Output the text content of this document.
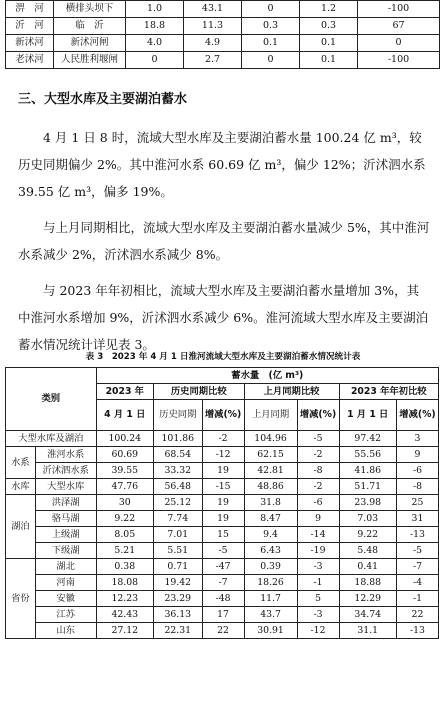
淠　河	横排头坝下	1.0	43.1	0	1.2	-100
沂　河	临　沂	18.8	11.3	0.3	0.3	67
新沭河	新沭河闸	4.0	4.9	0.1	0.1	0
老沭河	人民胜利堰闸	0	2.7	0	0.1	-100
三、大型水库及主要湖泊蓄水

4 月 1 日 8 时，流域大型水库及主要湖泊蓄水量 100.24 亿 m³，较历史同期偏少 2%。其中淮河水系 60.69 亿 m³，偏少 12%；沂沭泗水系 39.55 亿 m³，偏多 19%。

与上月同期相比，流域大型水库及主要湖泊蓄水量减少 5%，其中淮河水系减少 2%，沂沭泗水系减少 8%。

与 2023 年年初相比，流域大型水库及主要湖泊蓄水量增加 3%，其中淮河水系增加 9%，沂沭泗水系减少 6%。淮河流域大型水库及主要湖泊蓄水情况统计详见表 3。

表 3　2023 年 4 月 1 日淮河流域大型水库及主要湖泊蓄水情况统计表
类别		蓄水量　(亿 m³)						
		2023 年	历史同期比较		上月同期比较		2023 年年初比较	
		4 月 1 日	历史同期	增减(%)	上月同期	增减(%)	1 月 1 日	增减(%)
大型水库及湖泊		100.24	101.86	-2	104.96	-5	97.42	3
水系	淮河水系	60.69	68.54	-12	62.15	-2	55.56	9
	沂沭泗水系	39.55	33.32	19	42.81	-8	41.86	-6
水库	大型水库	47.76	56.48	-15	48.86	-2	51.71	-8
湖泊	洪泽湖	30	25.12	19	31.8	-6	23.98	25
	骆马湖	9.22	7.74	19	8.47	9	7.03	31
	上级湖	8.05	7.01	15	9.4	-14	9.22	-13
	下级湖	5.21	5.51	-5	6.43	-19	5.48	-5
省份	湖北	0.38	0.71	-47	0.39	-3	0.41	-7
	河南	18.08	19.42	-7	18.26	-1	18.88	-4
	安徽	12.23	23.29	-48	11.7	5	12.29	-1
	江苏	42.43	36.13	17	43.7	-3	34.74	22
	山东	27.12	22.31	22	30.91	-12	31.1	-13
